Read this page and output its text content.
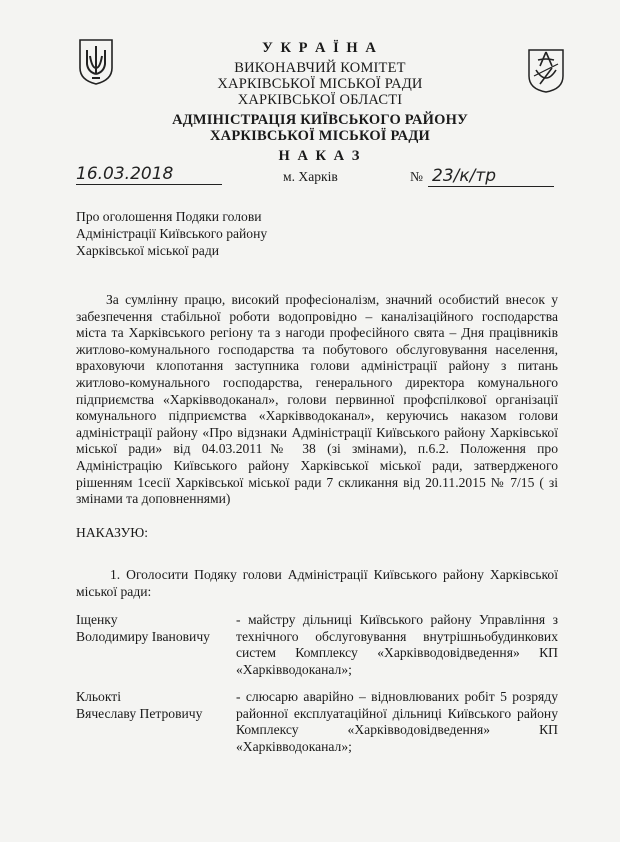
У К Р А Ї Н А
ВИКОНАВЧИЙ КОМІТЕТ
ХАРКІВСЬКОЇ МІСЬКОЇ РАДИ
ХАРКІВСЬКОЇ ОБЛАСТІ
АДМІНІСТРАЦІЯ КИЇВСЬКОГО РАЙОНУ
ХАРКІВСЬКОЇ МІСЬКОЇ РАДИ
Н А К А З
16.03.2018	м. Харків	№ 23/к/тр
Про оголошення Подяки голови
Адміністрації Київського району
Харківської міської ради
За сумлінну працю, високий професіоналізм, значний особистий внесок у забезпечення стабільної роботи водопровідно – каналізаційного господарства міста та Харківського регіону та з нагоди професійного свята – Дня працівників житлово-комунального господарства та побутового обслуговування населення, враховуючи клопотання заступника голови адміністрації району з питань житлово-комунального господарства, генерального директора комунального підприємства «Харківводоканал», голови первинної профспілкової організації комунального підприємства «Харківводоканал», керуючись наказом голови адміністрації району «Про відзнаки Адміністрації Київського району Харківської міської ради» від 04.03.2011№ 38 (зі змінами), п.6.2. Положення про Адміністрацію Київського району Харківської міської ради, затвердженого рішенням 1сесії Харківської міської ради 7 скликання від 20.11.2015 № 7/15 ( зі змінами та доповненнями)
НАКАЗУЮ:
1. Оголосити Подяку голови Адміністрації Київського району Харківської міської ради:
Іщенку
Володимиру Івановичу
- майстру дільниці Київського району Управління з технічного обслуговування внутрішньобудинкових систем Комплексу «Харківводовідведення» КП «Харківводоканал»;
Кльокті
Вячеславу Петровичу
- слюсарю аварійно – відновлюваних робіт 5 розряду районної експлуатаційної дільниці Київського району Комплексу «Харківводовідведення» КП «Харківводоканал»;
